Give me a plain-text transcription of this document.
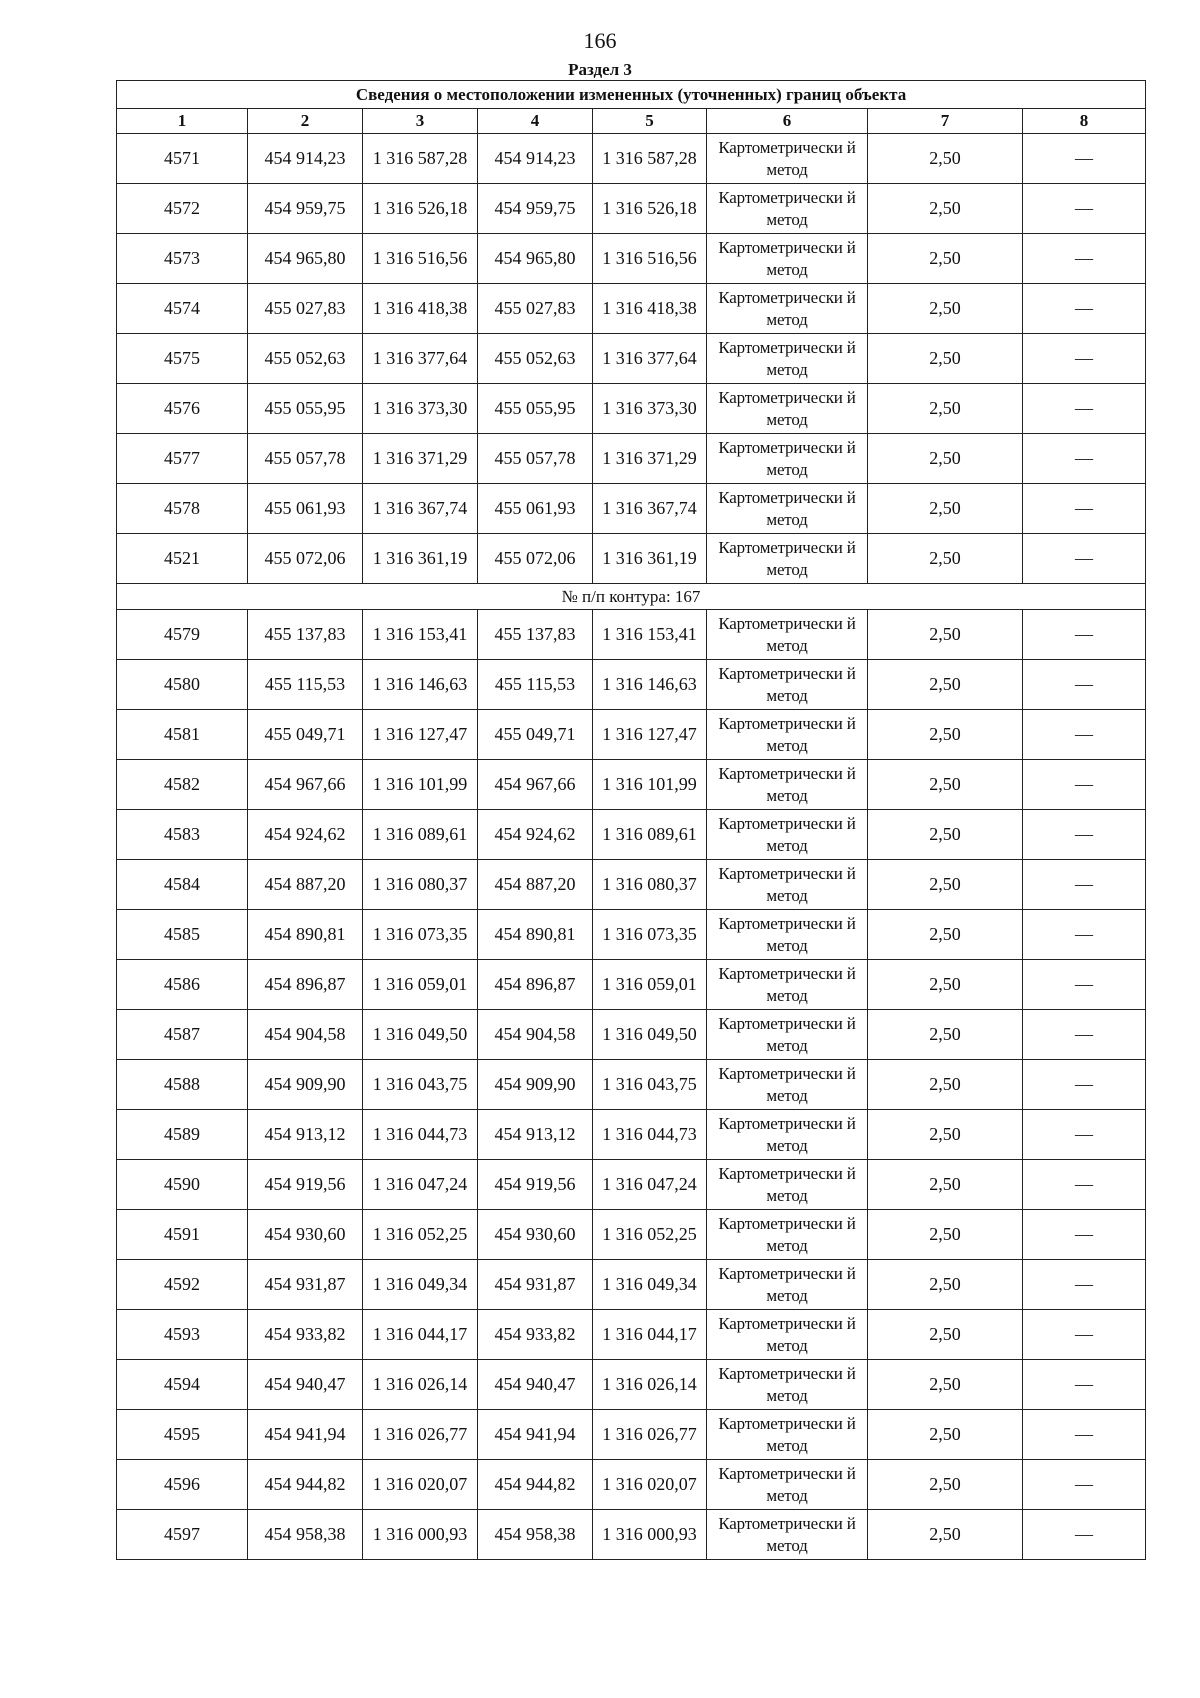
166
Раздел 3
Сведения о местоположении измененных (уточненных) границ объекта							
1	2	3	4	5	6	7	8
4571	454 914,23	1 316 587,28	454 914,23	1 316 587,28	Картометрически й метод	2,50	—
4572	454 959,75	1 316 526,18	454 959,75	1 316 526,18	Картометрически й метод	2,50	—
4573	454 965,80	1 316 516,56	454 965,80	1 316 516,56	Картометрически й метод	2,50	—
4574	455 027,83	1 316 418,38	455 027,83	1 316 418,38	Картометрически й метод	2,50	—
4575	455 052,63	1 316 377,64	455 052,63	1 316 377,64	Картометрически й метод	2,50	—
4576	455 055,95	1 316 373,30	455 055,95	1 316 373,30	Картометрически й метод	2,50	—
4577	455 057,78	1 316 371,29	455 057,78	1 316 371,29	Картометрически й метод	2,50	—
4578	455 061,93	1 316 367,74	455 061,93	1 316 367,74	Картометрически й метод	2,50	—
4521	455 072,06	1 316 361,19	455 072,06	1 316 361,19	Картометрически й метод	2,50	—
№ п/п контура: 167							
4579	455 137,83	1 316 153,41	455 137,83	1 316 153,41	Картометрически й метод	2,50	—
4580	455 115,53	1 316 146,63	455 115,53	1 316 146,63	Картометрически й метод	2,50	—
4581	455 049,71	1 316 127,47	455 049,71	1 316 127,47	Картометрически й метод	2,50	—
4582	454 967,66	1 316 101,99	454 967,66	1 316 101,99	Картометрически й метод	2,50	—
4583	454 924,62	1 316 089,61	454 924,62	1 316 089,61	Картометрически й метод	2,50	—
4584	454 887,20	1 316 080,37	454 887,20	1 316 080,37	Картометрически й метод	2,50	—
4585	454 890,81	1 316 073,35	454 890,81	1 316 073,35	Картометрически й метод	2,50	—
4586	454 896,87	1 316 059,01	454 896,87	1 316 059,01	Картометрически й метод	2,50	—
4587	454 904,58	1 316 049,50	454 904,58	1 316 049,50	Картометрически й метод	2,50	—
4588	454 909,90	1 316 043,75	454 909,90	1 316 043,75	Картометрически й метод	2,50	—
4589	454 913,12	1 316 044,73	454 913,12	1 316 044,73	Картометрически й метод	2,50	—
4590	454 919,56	1 316 047,24	454 919,56	1 316 047,24	Картометрически й метод	2,50	—
4591	454 930,60	1 316 052,25	454 930,60	1 316 052,25	Картометрически й метод	2,50	—
4592	454 931,87	1 316 049,34	454 931,87	1 316 049,34	Картометрически й метод	2,50	—
4593	454 933,82	1 316 044,17	454 933,82	1 316 044,17	Картометрически й метод	2,50	—
4594	454 940,47	1 316 026,14	454 940,47	1 316 026,14	Картометрически й метод	2,50	—
4595	454 941,94	1 316 026,77	454 941,94	1 316 026,77	Картометрически й метод	2,50	—
4596	454 944,82	1 316 020,07	454 944,82	1 316 020,07	Картометрически й метод	2,50	—
4597	454 958,38	1 316 000,93	454 958,38	1 316 000,93	Картометрически й метод	2,50	—
